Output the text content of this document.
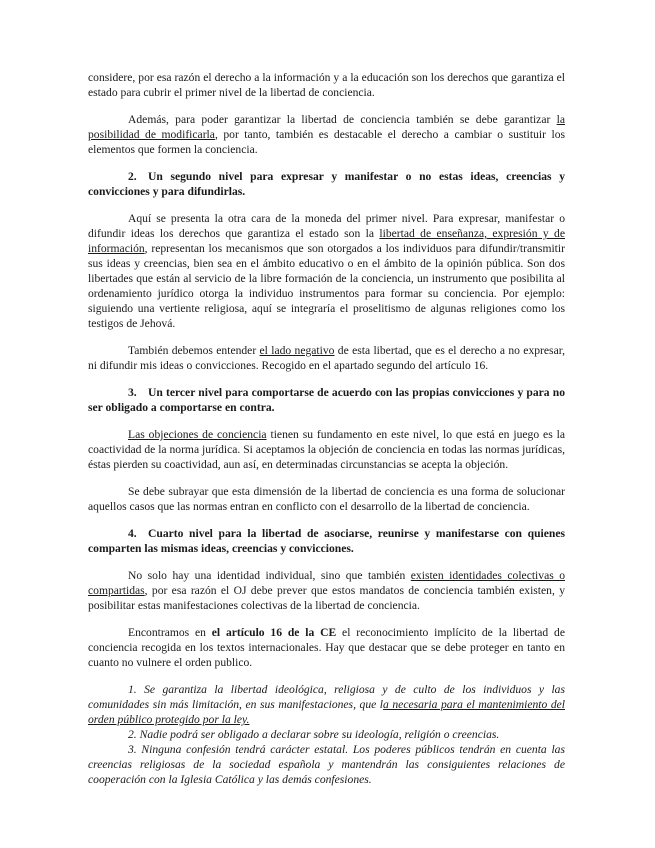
considere, por esa razón el derecho a la información y a la educación son los derechos que garantiza el estado para cubrir el primer nivel de la libertad de conciencia.

Además, para poder garantizar la libertad de conciencia también se debe garantizar la posibilidad de modificarla, por tanto, también es destacable el derecho a cambiar o sustituir los elementos que formen la conciencia.

2. Un segundo nivel para expresar y manifestar o no estas ideas, creencias y convicciones y para difundirlas.

Aquí se presenta la otra cara de la moneda del primer nivel. Para expresar, manifestar o difundir ideas los derechos que garantiza el estado son la libertad de enseñanza, expresión y de información, representan los mecanismos que son otorgados a los individuos para difundir/transmitir sus ideas y creencias, bien sea en el ámbito educativo o en el ámbito de la opinión pública. Son dos libertades que están al servicio de la libre formación de la conciencia, un instrumento que posibilita al ordenamiento jurídico otorga la individuo instrumentos para formar su conciencia. Por ejemplo: siguiendo una vertiente religiosa, aquí se integraría el proselitismo de algunas religiones como los testigos de Jehová.

También debemos entender el lado negativo de esta libertad, que es el derecho a no expresar, ni difundir mis ideas o convicciones. Recogido en el apartado segundo del artículo 16.

3. Un tercer nivel para comportarse de acuerdo con las propias convicciones y para no ser obligado a comportarse en contra.

Las objeciones de conciencia tienen su fundamento en este nivel, lo que está en juego es la coactividad de la norma jurídica. Si aceptamos la objeción de conciencia en todas las normas jurídicas, éstas pierden su coactividad, aun así, en determinadas circunstancias se acepta la objeción.

Se debe subrayar que esta dimensión de la libertad de conciencia es una forma de solucionar aquellos casos que las normas entran en conflicto con el desarrollo de la libertad de conciencia.

4. Cuarto nivel para la libertad de asociarse, reunirse y manifestarse con quienes comparten las mismas ideas, creencias y convicciones.

No solo hay una identidad individual, sino que también existen identidades colectivas o compartidas, por esa razón el OJ debe prever que estos mandatos de conciencia también existen, y posibilitar estas manifestaciones colectivas de la libertad de conciencia.

Encontramos en el artículo 16 de la CE el reconocimiento implícito de la libertad de conciencia recogida en los textos internacionales. Hay que destacar que se debe proteger en tanto en cuanto no vulnere el orden publico.

1. Se garantiza la libertad ideológica, religiosa y de culto de los individuos y las comunidades sin más limitación, en sus manifestaciones, que la necesaria para el mantenimiento del orden público protegido por la ley.

2. Nadie podrá ser obligado a declarar sobre su ideología, religión o creencias.

3. Ninguna confesión tendrá carácter estatal. Los poderes públicos tendrán en cuenta las creencias religiosas de la sociedad española y mantendrán las consiguientes relaciones de cooperación con la Iglesia Católica y las demás confesiones.
